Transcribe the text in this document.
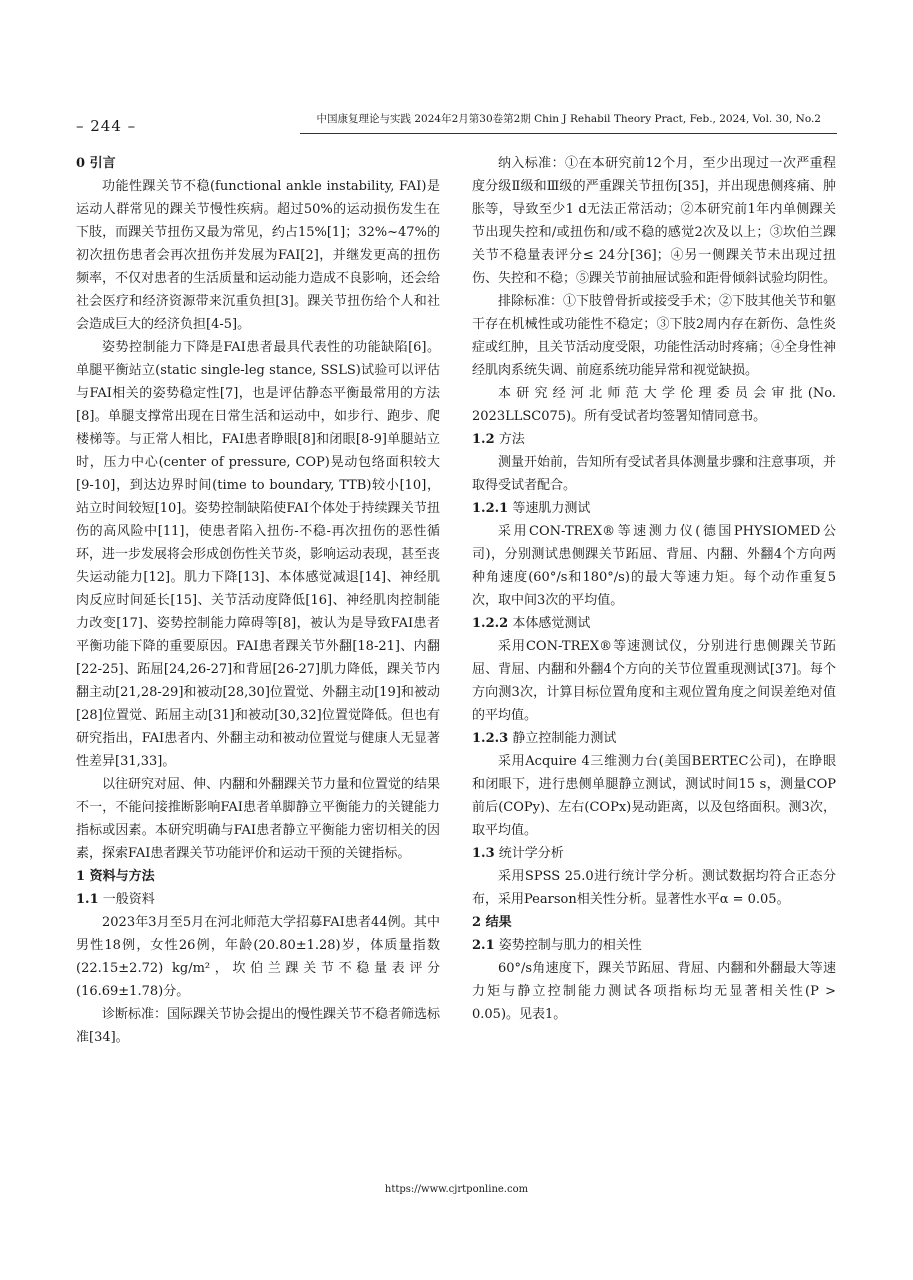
– 244 –	中国康复理论与实践 2024年2月第30卷第2期 Chin J Rehabil Theory Pract, Feb., 2024, Vol. 30, No.2
0 引言

功能性踝关节不稳(functional ankle instability, FAI)是运动人群常见的踝关节慢性疾病。超过50%的运动损伤发生在下肢，而踝关节扭伤又最为常见，约占15%[1]；32%~47%的初次扭伤患者会再次扭伤并发展为FAI[2]，并继发更高的扭伤频率，不仅对患者的生活质量和运动能力造成不良影响，还会给社会医疗和经济资源带来沉重负担[3]。踝关节扭伤给个人和社会造成巨大的经济负担[4-5]。

姿势控制能力下降是FAI患者最具代表性的功能缺陷[6]。单腿平衡站立(static single-leg stance, SSLS)试验可以评估与FAI相关的姿势稳定性[7]，也是评估静态平衡最常用的方法[8]。单腿支撑常出现在日常生活和运动中，如步行、跑步、爬楼梯等。与正常人相比，FAI患者睁眼[8]和闭眼[8-9]单腿站立时，压力中心(center of pressure, COP)晃动包络面积较大[9-10]，到达边界时间(time to boundary, TTB)较小[10]，站立时间较短[10]。姿势控制缺陷使FAI个体处于持续踝关节扭伤的高风险中[11]，使患者陷入扭伤-不稳-再次扭伤的恶性循环，进一步发展将会形成创伤性关节炎，影响运动表现，甚至丧失运动能力[12]。肌力下降[13]、本体感觉减退[14]、神经肌肉反应时间延长[15]、关节活动度降低[16]、神经肌肉控制能力改变[17]、姿势控制能力障碍等[8]，被认为是导致FAI患者平衡功能下降的重要原因。FAI患者踝关节外翻[18-21]、内翻[22-25]、跖屈[24,26-27]和背屈[26-27]肌力降低，踝关节内翻主动[21,28-29]和被动[28,30]位置觉、外翻主动[19]和被动[28]位置觉、跖屈主动[31]和被动[30,32]位置觉降低。但也有研究指出，FAI患者内、外翻主动和被动位置觉与健康人无显著性差异[31,33]。

以往研究对屈、伸、内翻和外翻踝关节力量和位置觉的结果不一，不能问接推断影响FAI患者单脚静立平衡能力的关键能力指标或因素。本研究明确与FAI患者静立平衡能力密切相关的因素，探索FAI患者踝关节功能评价和运动干预的关键指标。

1 资料与方法
1.1 一般资料

2023年3月至5月在河北师范大学招募FAI患者44例。其中男性18例，女性26例，年龄(20.80±1.28)岁，体质量指数(22.15±2.72) kg/m²，坎伯兰踝关节不稳量表评分(16.69±1.78)分。

诊断标准：国际踝关节协会提出的慢性踝关节不稳者筛选标准[34]。

纳入标准：①在本研究前12个月，至少出现过一次严重程度分级Ⅱ级和Ⅲ级的严重踝关节扭伤[35]，并出现患侧疼痛、肿胀等，导致至少1 d无法正常活动；②本研究前1年内单侧踝关节出现失控和/或扭伤和/或不稳的感觉2次及以上；③坎伯兰踝关节不稳量表评分≤ 24分[36]；④另一侧踝关节未出现过扭伤、失控和不稳；⑤踝关节前抽屉试验和距骨倾斜试验均阴性。

排除标准：①下肢曾骨折或接受手术；②下肢其他关节和躯干存在机械性或功能性不稳定；③下肢2周内存在新伤、急性炎症或红肿，且关节活动度受限，功能性活动时疼痛；④全身性神经肌肉系统失调、前庭系统功能异常和视觉缺损。

本研究经河北师范大学伦理委员会审批(No. 2023LLSC075)。所有受试者均签署知情同意书。

1.2 方法

测量开始前，告知所有受试者具体测量步骤和注意事项，并取得受试者配合。

1.2.1 等速肌力测试

采用CON-TREX®等速测力仪(德国PHYSIOMED公司)，分别测试患侧踝关节跖屈、背屈、内翻、外翻4个方向两种角速度(60°/s和180°/s)的最大等速力矩。每个动作重复5次，取中间3次的平均值。

1.2.2 本体感觉测试

采用CON-TREX®等速测试仪，分别进行患侧踝关节跖屈、背屈、内翻和外翻4个方向的关节位置重现测试[37]。每个方向测3次，计算目标位置角度和主观位置角度之间误差绝对值的平均值。

1.2.3 静立控制能力测试

采用Acquire 4三维测力台(美国BERTEC公司)，在睁眼和闭眼下，进行患侧单腿静立测试，测试时间15 s，测量COP前后(COPy)、左右(COPx)晃动距离，以及包络面积。测3次，取平均值。

1.3 统计学分析

采用SPSS 25.0进行统计学分析。测试数据均符合正态分布，采用Pearson相关性分析。显著性水平α = 0.05。

2 结果
2.1 姿势控制与肌力的相关性

60°/s角速度下，踝关节跖屈、背屈、内翻和外翻最大等速力矩与静立控制能力测试各项指标均无显著相关性(P > 0.05)。见表1。

https://www.cjrtponline.com
